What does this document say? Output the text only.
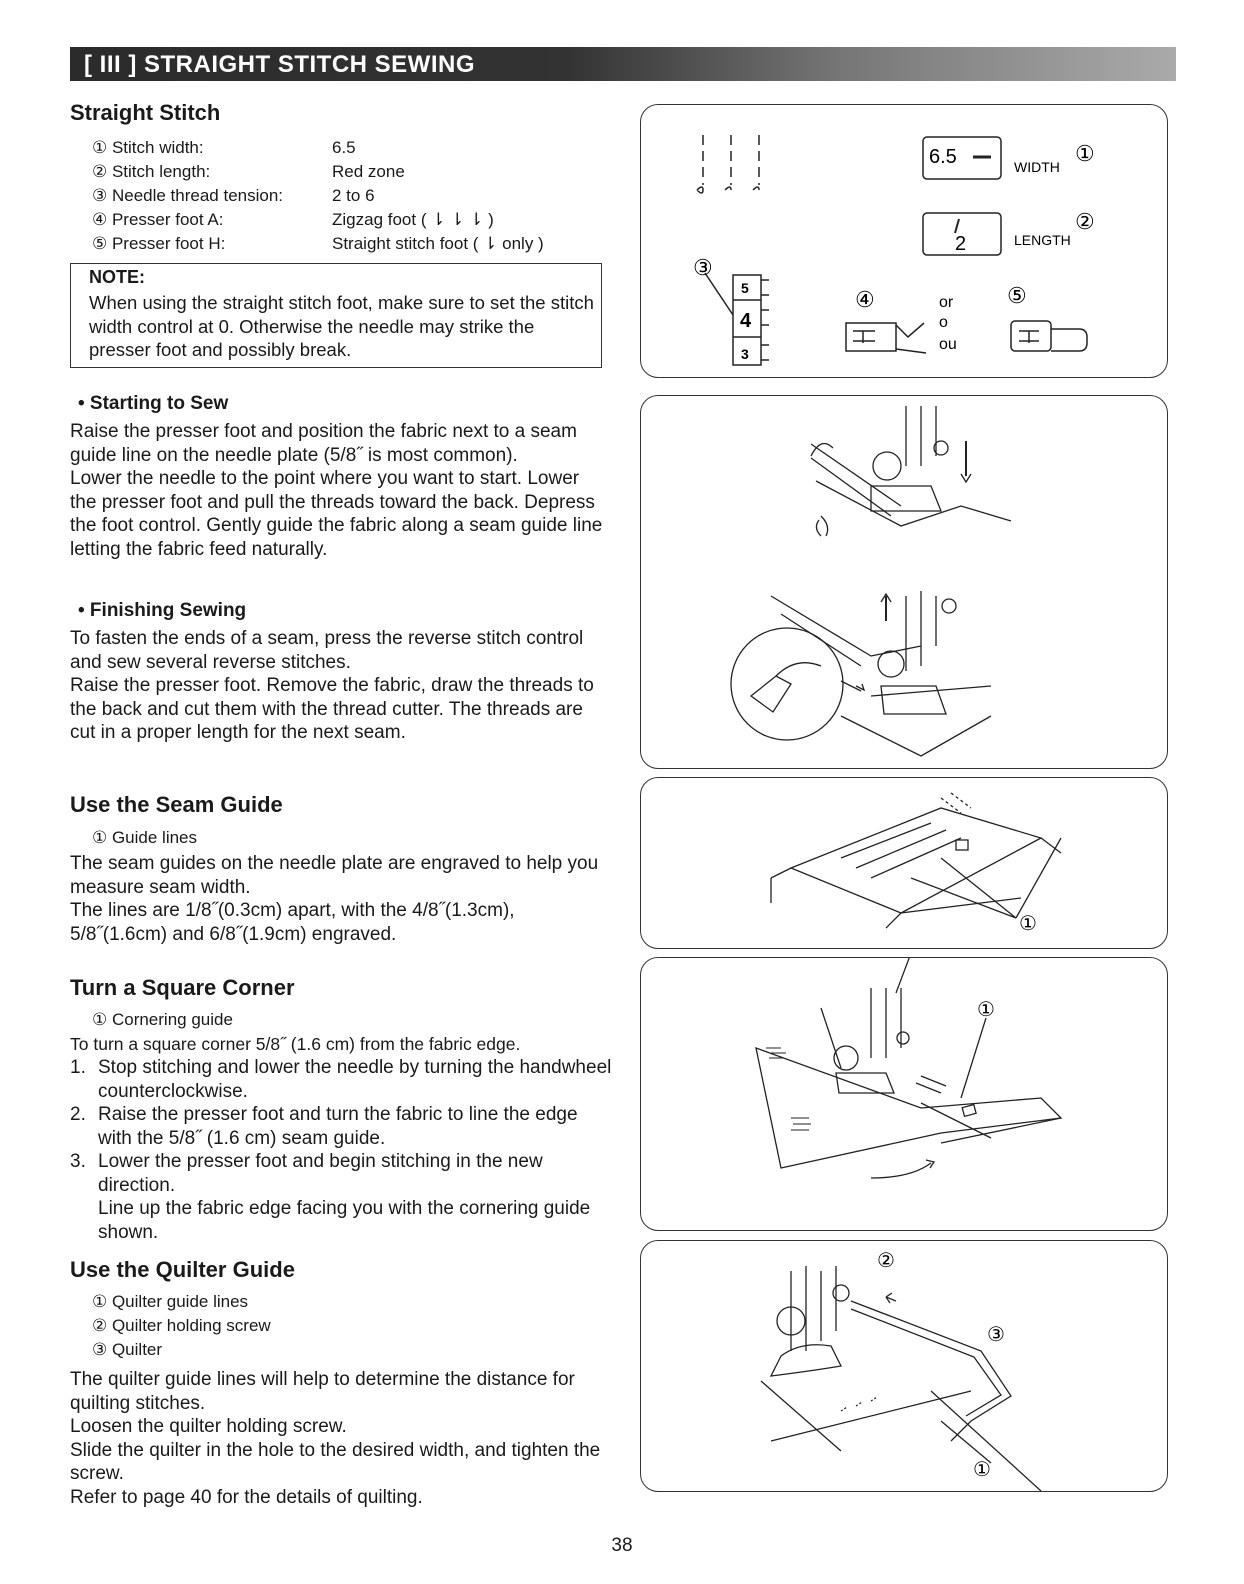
[ III ] STRAIGHT STITCH SEWING
Straight Stitch
① Stitch width:	6.5
② Stitch length:	Red zone
③ Needle thread tension:	2 to 6
④ Presser foot A:	Zigzag foot ( ⇂ ⇂ ⇂ )
⑤ Presser foot H:	Straight stitch foot ( ⇂ only )
NOTE:
When using the straight stitch foot, make sure to set the stitch width control at 0. Otherwise the needle may strike the presser foot and possibly break.
• Starting to Sew
Raise the presser foot and position the fabric next to a seam guide line on the needle plate (5/8˝ is most common).
Lower the needle to the point where you want to start. Lower the presser foot and pull the threads toward the back. Depress the foot control. Gently guide the fabric along a seam guide line letting the fabric feed naturally.
• Finishing Sewing
To fasten the ends of a seam, press the reverse stitch control and sew several reverse stitches.
Raise the presser foot. Remove the fabric, draw the threads to the back and cut them with the thread cutter. The threads are cut in a proper length for the next seam.
Use the Seam Guide
① Guide lines
The seam guides on the needle plate are engraved to help you measure seam width.
The lines are 1/8˝(0.3cm) apart, with the 4/8˝(1.3cm), 5/8˝(1.6cm) and 6/8˝(1.9cm) engraved.
Turn a Square Corner
① Cornering guide
To turn a square corner 5/8˝ (1.6 cm) from the fabric edge.
1. Stop stitching and lower the needle by turning the handwheel counterclockwise.
2. Raise the presser foot and turn the fabric to line the edge with the 5/8˝ (1.6 cm) seam guide.
3. Lower the presser foot and begin stitching in the new direction.
Line up the fabric edge facing you with the cornering guide shown.
Use the Quilter Guide
① Quilter guide lines
② Quilter holding screw
③ Quilter
The quilter guide lines will help to determine the distance for quilting stitches.
Loosen the quilter holding screw.
Slide the quilter in the hole to the desired width, and tighten the screw.
Refer to page 40 for the details of quilting.
6.5	WIDTH
①
2	LENGTH
②
③
5
4
3
④	or
o
ou
⑤
①
①
②
③
①
38
